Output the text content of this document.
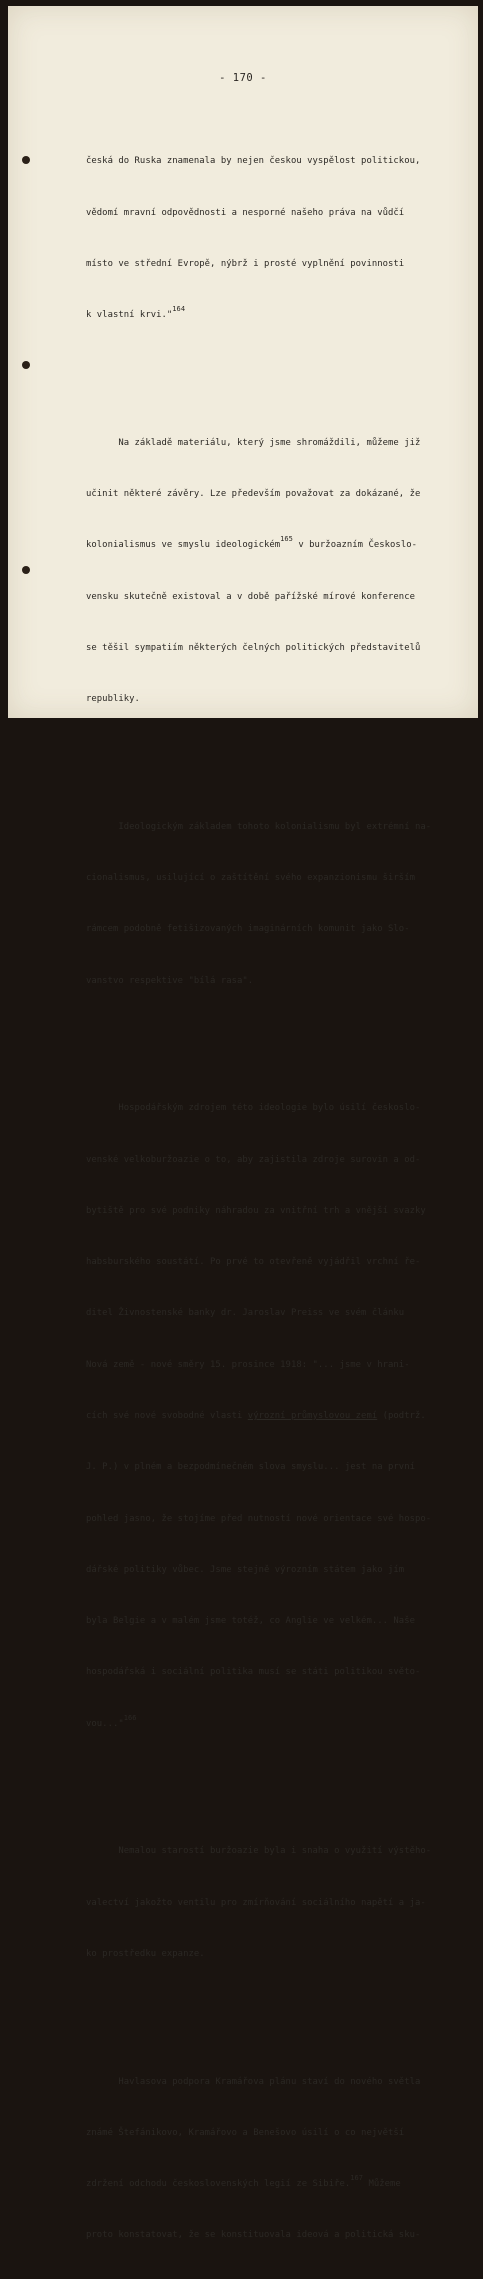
- 170 -

česká do Ruska znamenala by nejen českou vyspělost politickou,

vědomí mravní odpovědnosti a nesporné našeho práva na vůdčí

místo ve střední Evropě, nýbrž i prosté vyplnění povinnosti

k vlastní krvi."$^{164}$

Na základě materiálu, který jsme shromáždili, můžeme již

učinit některé závěry. Lze především považovat za dokázané, že

kolonialismus ve smyslu ideologickém$^{165}$ v buržoazním Českoslo-

vensku skutečně existoval a v době pařížské mírové konference

se těšil sympatiím některých čelných politických představitelů

republiky.

Ideologickým základem tohoto kolonialismu byl extrémní na-

cionalismus, usilující o zaštítění svého expanzionismu širším

rámcem podobně fetišizovaných imaginárních komunit jako Slo-

vanstvo respektive "bílá rasa".

Hospodářským zdrojem této ideologie bylo úsilí českoslo-

venské velkoburžoazie o to, aby zajistila zdroje surovin a od-

bytiště pro své podniky náhradou za vnitřní trh a vnější svazky

habsburského soustátí. Po prvé to otevřeně vyjádřil vrchní ře-

ditel Živnostenské banky dr. Jaroslav Preiss ve svém článku

Nová země - nové směry 15. prosince 1918: "... jsme v hrani-

cích své nové svobodné vlasti výrozní průmyslovou zemí (podtrž.

J. P.) v plném a bezpodmínečném slova smyslu... jest na první

pohled jasno, že stojíme před nutností nové orientace své hospo-

dářské politiky vůbec. Jsme stejně výrozním státem jako jím

byla Belgie a v malém jsme totéž, co Anglie ve velkém... Naše

hospodářská i sociální politika musí se státi politikou světo-

vou..."$^{166}$

Nemalou starostí buržoazie byla i snaha o využití výstěho-

valectví jakožto ventilu pro zmírňování sociálního napětí a ja-

ko prostředku expanze.

Havlasova podpora Kramářova plánu staví do nového světla

známé Štefánikovo, Kramářovo a Benešovo úsilí o co největší

zdržení odchodu československých legií ze Sibiře.$^{167}$ Můžeme

proto konstatovat, že se konstituovala ideová a politická sku-
